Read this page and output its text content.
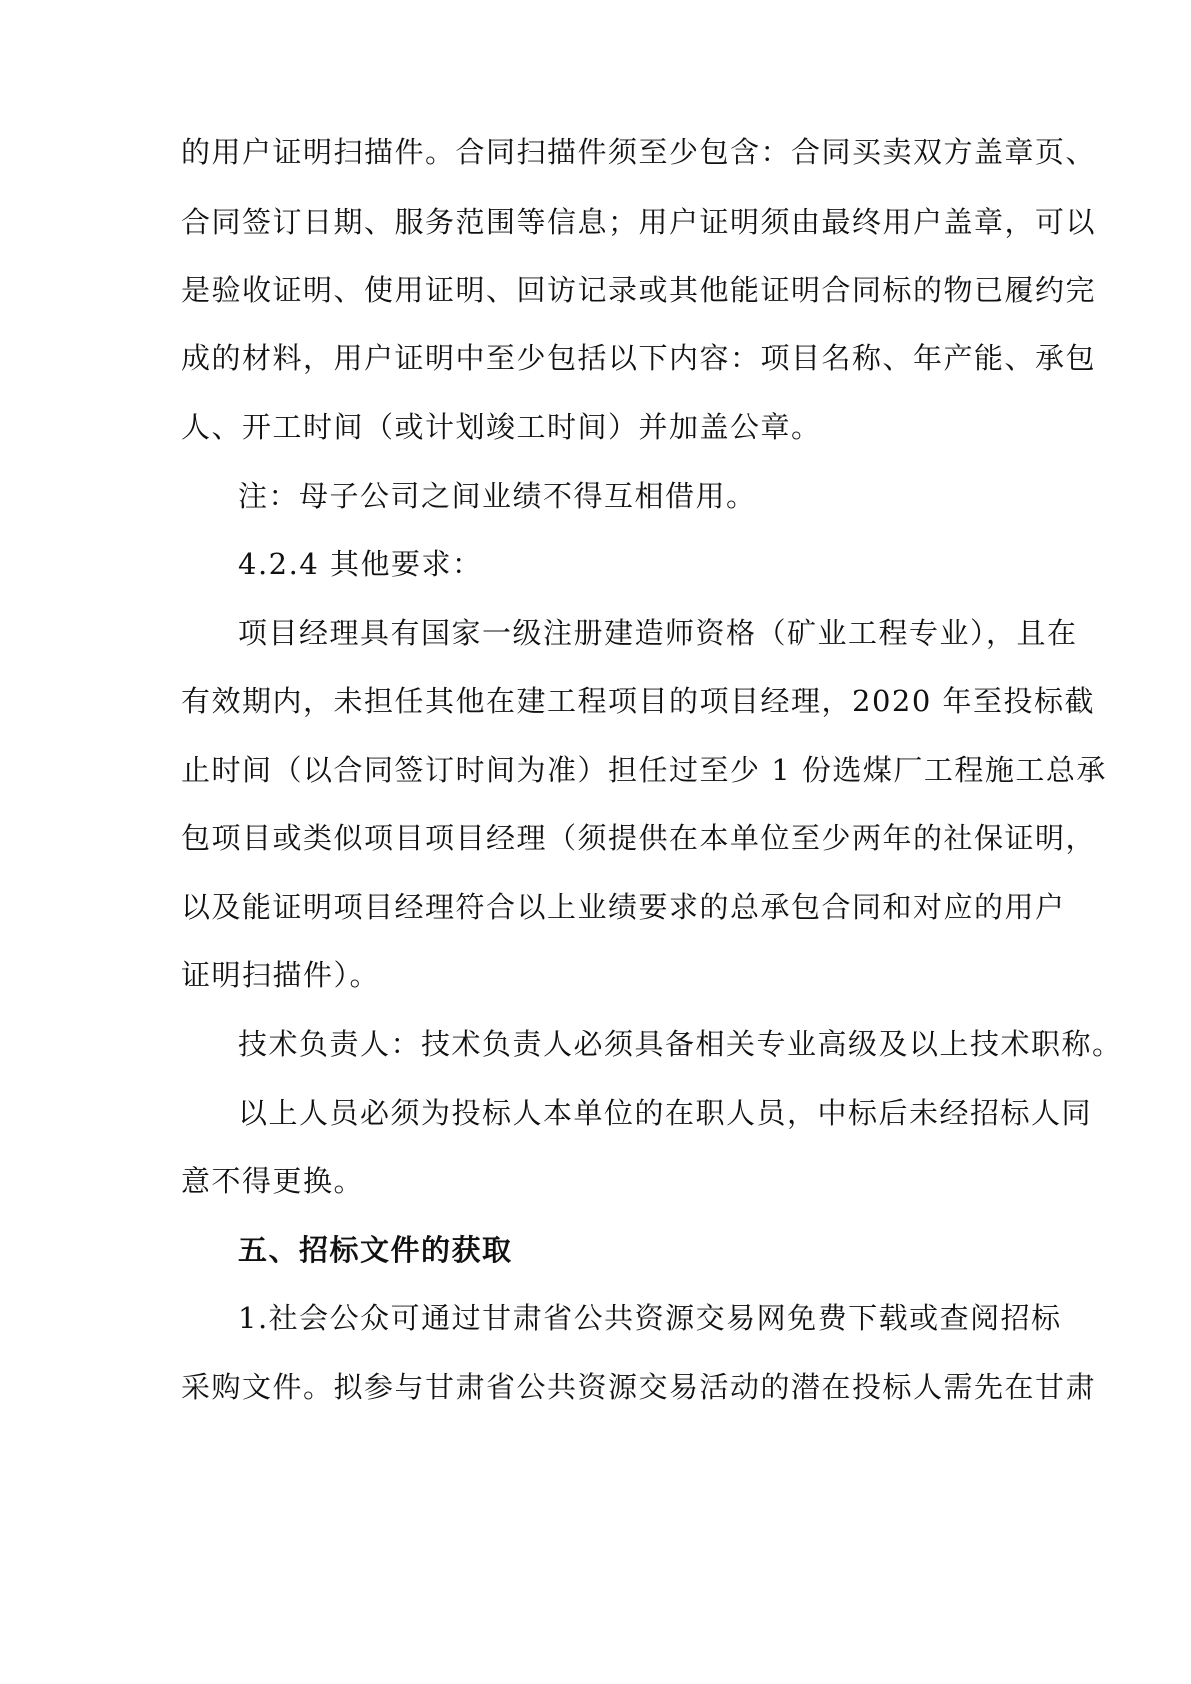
的用户证明扫描件。合同扫描件须至少包含：合同买卖双方盖章页、
合同签订日期、服务范围等信息；用户证明须由最终用户盖章，可以
是验收证明、使用证明、回访记录或其他能证明合同标的物已履约完
成的材料，用户证明中至少包括以下内容：项目名称、年产能、承包
人、开工时间（或计划竣工时间）并加盖公章。
注：母子公司之间业绩不得互相借用。
4.2.4 其他要求：
项目经理具有国家一级注册建造师资格（矿业工程专业），且在
有效期内，未担任其他在建工程项目的项目经理，2020 年至投标截
止时间（以合同签订时间为准）担任过至少 1 份选煤厂工程施工总承
包项目或类似项目项目经理（须提供在本单位至少两年的社保证明，
以及能证明项目经理符合以上业绩要求的总承包合同和对应的用户
证明扫描件）。
技术负责人：技术负责人必须具备相关专业高级及以上技术职称。
以上人员必须为投标人本单位的在职人员，中标后未经招标人同
意不得更换。
五、招标文件的获取
1.社会公众可通过甘肃省公共资源交易网免费下载或查阅招标
采购文件。拟参与甘肃省公共资源交易活动的潜在投标人需先在甘肃
